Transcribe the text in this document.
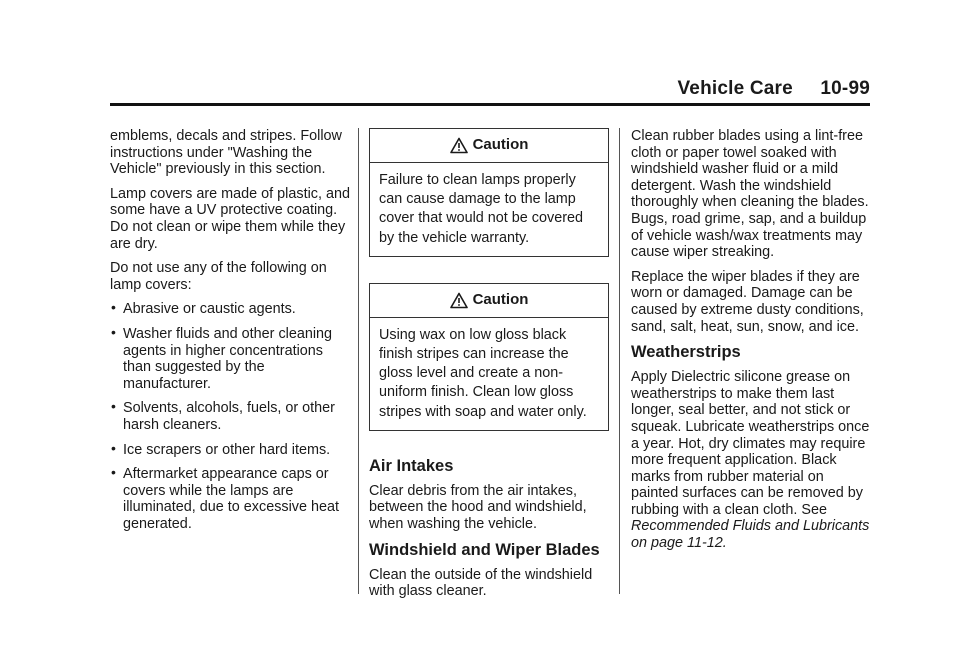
Vehicle Care 10-99

emblems, decals and stripes. Follow instructions under "Washing the Vehicle" previously in this section.

Lamp covers are made of plastic, and some have a UV protective coating. Do not clean or wipe them while they are dry.

Do not use any of the following on lamp covers:

• Abrasive or caustic agents.
• Washer fluids and other cleaning agents in higher concentrations than suggested by the manufacturer.
• Solvents, alcohols, fuels, or other harsh cleaners.
• Ice scrapers or other hard items.
• Aftermarket appearance caps or covers while the lamps are illuminated, due to excessive heat generated.
Caution
Failure to clean lamps properly can cause damage to the lamp cover that would not be covered by the vehicle warranty.
Caution
Using wax on low gloss black finish stripes can increase the gloss level and create a non-uniform finish. Clean low gloss stripes with soap and water only.
Air Intakes

Clear debris from the air intakes, between the hood and windshield, when washing the vehicle.

Windshield and Wiper Blades

Clean the outside of the windshield with glass cleaner.

Clean rubber blades using a lint-free cloth or paper towel soaked with windshield washer fluid or a mild detergent. Wash the windshield thoroughly when cleaning the blades. Bugs, road grime, sap, and a buildup of vehicle wash/wax treatments may cause wiper streaking.

Replace the wiper blades if they are worn or damaged. Damage can be caused by extreme dusty conditions, sand, salt, heat, sun, snow, and ice.

Weatherstrips

Apply Dielectric silicone grease on weatherstrips to make them last longer, seal better, and not stick or squeak. Lubricate weatherstrips once a year. Hot, dry climates may require more frequent application. Black marks from rubber material on painted surfaces can be removed by rubbing with a clean cloth. See Recommended Fluids and Lubricants on page 11-12.
